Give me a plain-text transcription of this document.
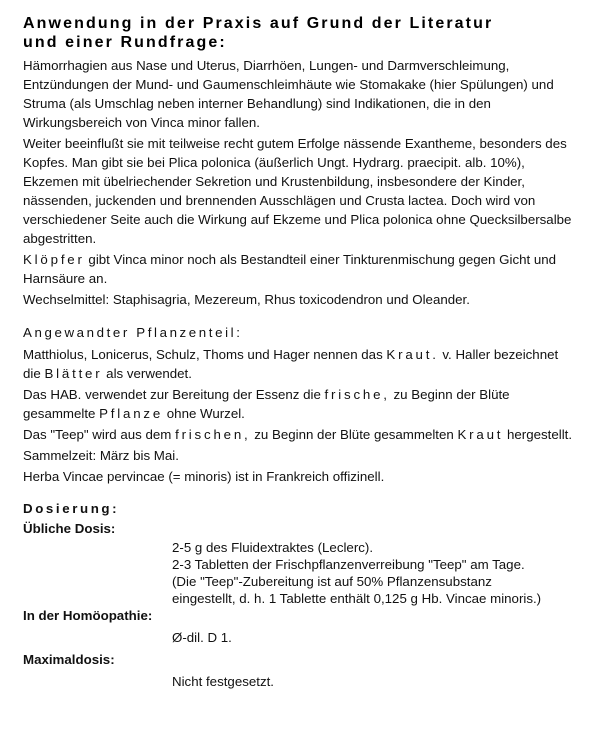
Anwendung in der Praxis auf Grund der Literatur
und einer Rundfrage:

Hämorrhagien aus Nase und Uterus, Diarrhöen, Lungen- und Darmverschleimung, Entzündungen der Mund- und Gaumenschleimhäute wie Stomakake (hier Spülungen) und Struma (als Umschlag neben interner Behandlung) sind Indikationen, die in den Wirkungsbereich von Vinca minor fallen.

Weiter beeinflußt sie mit teilweise recht gutem Erfolge nässende Exantheme, besonders des Kopfes. Man gibt sie bei Plica polonica (äußerlich Ungt. Hydrarg. praecipit. alb. 10%), Ekzemen mit übelriechender Sekretion und Krustenbildung, insbesondere der Kinder, nässenden, juckenden und brennenden Ausschlägen und Crusta lactea. Doch wird von verschiedener Seite auch die Wirkung auf Ekzeme und Plica polonica ohne Quecksilbersalbe abgestritten.

Klöpfer gibt Vinca minor noch als Bestandteil einer Tinkturenmischung gegen Gicht und Harnsäure an.

Wechselmittel: Staphisagria, Mezereum, Rhus toxicodendron und Oleander.

Angewandter Pflanzenteil:

Matthiolus, Lonicerus, Schulz, Thoms und Hager nennen das Kraut. v. Haller bezeichnet die Blätter als verwendet.

Das HAB. verwendet zur Bereitung der Essenz die frische, zu Beginn der Blüte gesammelte Pflanze ohne Wurzel.

Das "Teep" wird aus dem frischen, zu Beginn der Blüte gesammelten Kraut hergestellt.

Sammelzeit: März bis Mai.

Herba Vincae pervincae (= minoris) ist in Frankreich offizinell.

Dosierung:
Übliche Dosis:
2-5 g des Fluidextraktes (Leclerc).
2-3 Tabletten der Frischpflanzenverreibung "Teep" am Tage.
(Die "Teep"-Zubereitung ist auf 50% Pflanzensubstanz
eingestellt, d. h. 1 Tablette enthält 0,125 g Hb. Vincae minoris.)
In der Homöopathie:
Ø-dil. D 1.
Maximaldosis:
Nicht festgesetzt.
